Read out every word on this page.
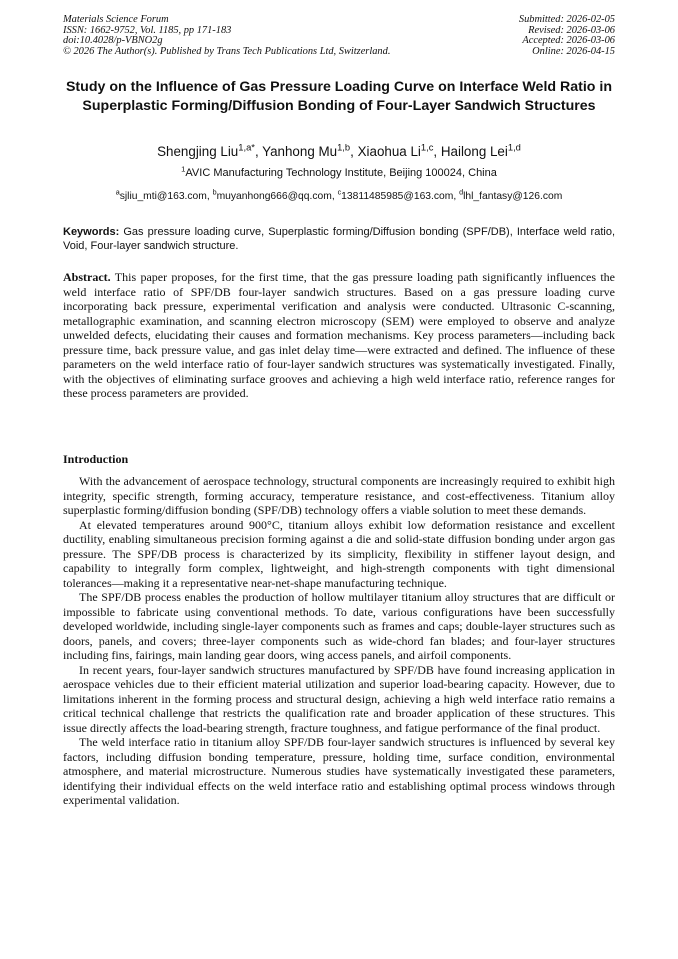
Materials Science Forum
ISSN: 1662-9752, Vol. 1185, pp 171-183
doi:10.4028/p-VBNO2g
© 2026 The Author(s). Published by Trans Tech Publications Ltd, Switzerland.
Submitted: 2026-02-05
Revised: 2026-03-06
Accepted: 2026-03-06
Online: 2026-04-15
Study on the Influence of Gas Pressure Loading Curve on Interface Weld Ratio in Superplastic Forming/Diffusion Bonding of Four-Layer Sandwich Structures
Shengjing Liu$^{1,a*}$, Yanhong Mu$^{1,b}$, Xiaohua Li$^{1,c}$, Hailong Lei$^{1,d}$
$^1$AVIC Manufacturing Technology Institute, Beijing 100024, China
$^a$sjliu_mti@163.com, $^b$muyanhong666@qq.com, $^c$13811485985@163.com, $^d$lhl_fantasy@126.com
Keywords: Gas pressure loading curve, Superplastic forming/Diffusion bonding (SPF/DB), Interface weld ratio, Void, Four-layer sandwich structure.
Abstract. This paper proposes, for the first time, that the gas pressure loading path significantly influences the weld interface ratio of SPF/DB four-layer sandwich structures. Based on a gas pressure loading curve incorporating back pressure, experimental verification and analysis were conducted. Ultrasonic C-scanning, metallographic examination, and scanning electron microscopy (SEM) were employed to observe and analyze unwelded defects, elucidating their causes and formation mechanisms. Key process parameters—including back pressure time, back pressure value, and gas inlet delay time—were extracted and defined. The influence of these parameters on the weld interface ratio of four-layer sandwich structures was systematically investigated. Finally, with the objectives of eliminating surface grooves and achieving a high weld interface ratio, reference ranges for these process parameters are provided.
Introduction

With the advancement of aerospace technology, structural components are increasingly required to exhibit high integrity, specific strength, forming accuracy, temperature resistance, and cost-effectiveness. Titanium alloy superplastic forming/diffusion bonding (SPF/DB) technology offers a viable solution to meet these demands.

At elevated temperatures around 900°C, titanium alloys exhibit low deformation resistance and excellent ductility, enabling simultaneous precision forming against a die and solid-state diffusion bonding under argon gas pressure. The SPF/DB process is characterized by its simplicity, flexibility in stiffener layout design, and capability to integrally form complex, lightweight, and high-strength components with tight dimensional tolerances—making it a representative near-net-shape manufacturing technique.

The SPF/DB process enables the production of hollow multilayer titanium alloy structures that are difficult or impossible to fabricate using conventional methods. To date, various configurations have been successfully developed worldwide, including single-layer components such as frames and caps; double-layer structures such as doors, panels, and covers; three-layer components such as wide-chord fan blades; and four-layer structures including fins, fairings, main landing gear doors, wing access panels, and airfoil components.

In recent years, four-layer sandwich structures manufactured by SPF/DB have found increasing application in aerospace vehicles due to their efficient material utilization and superior load-bearing capacity. However, due to limitations inherent in the forming process and structural design, achieving a high weld interface ratio remains a critical technical challenge that restricts the qualification rate and broader application of these structures. This issue directly affects the load-bearing strength, fracture toughness, and fatigue performance of the final product.

The weld interface ratio in titanium alloy SPF/DB four-layer sandwich structures is influenced by several key factors, including diffusion bonding temperature, pressure, holding time, surface condition, environmental atmosphere, and material microstructure. Numerous studies have systematically investigated these parameters, identifying their individual effects on the weld interface ratio and establishing optimal process windows through experimental validation.
